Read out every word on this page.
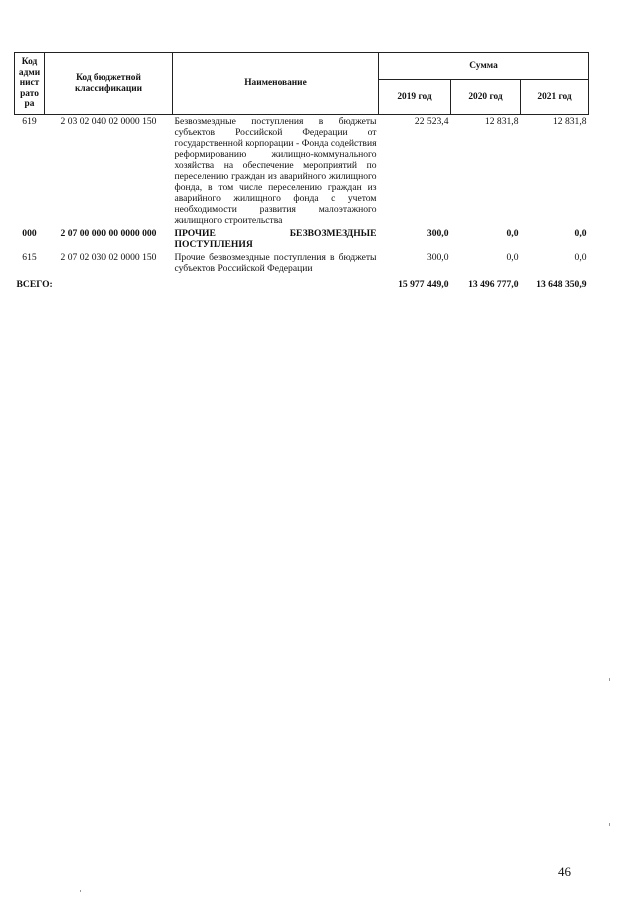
Код адми нист рато ра	Код бюджетной классификации	Наименование	Сумма		
			2019 год	2020 год	2021 год
619	2 03 02 040 02 0000 150	Безвозмездные поступления в бюджеты субъектов Российской Федерации от государственной корпорации - Фонда содействия реформированию жилищно-коммунального хозяйства на обеспечение мероприятий по переселению граждан из аварийного жилищного фонда, в том числе переселению граждан из аварийного жилищного фонда с учетом необходимости развития малоэтажного жилищного строительства	22 523,4	12 831,8	12 831,8
000	2 07 00 000 00 0000 000	ПРОЧИЕ БЕЗВОЗМЕЗДНЫЕ ПОСТУПЛЕНИЯ	300,0	0,0	0,0
615	2 07 02 030 02 0000 150	Прочие безвозмездные поступления в бюджеты субъектов Российской Федерации	300,0	0,0	0,0
ВСЕГО:			15 977 449,0	13 496 777,0	13 648 350,9
46
